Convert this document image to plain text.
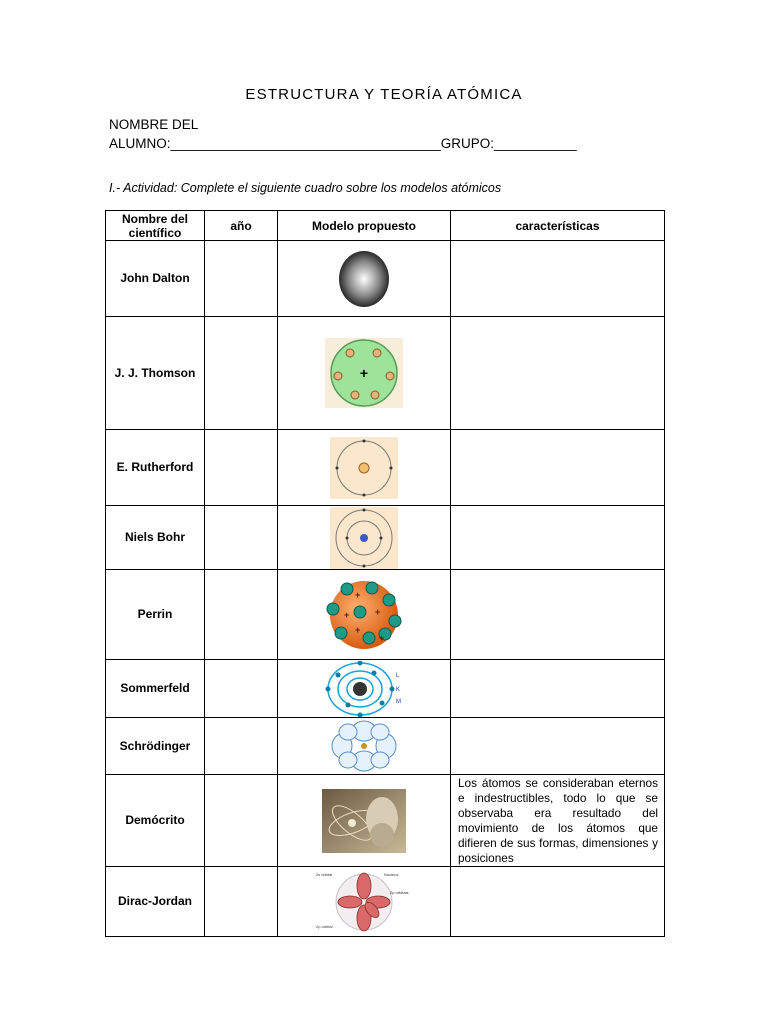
ESTRUCTURA Y TEORÍA ATÓMICA
NOMBRE DEL
ALUMNO:____________________________________GRUPO:___________
I.- Actividad: Complete el siguiente cuadro sobre los modelos atómicos
Nombre del científico	año	Modelo propuesto	características
John Dalton		

J. J. Thomson		+	

E. Rutherford		

Niels Bohr		

Perrin		+
+ +
+
+	

Sommerfeld		L
K
M	

Schrödinger		

Demócrito			Los átomos se consideraban eternos e indestructibles, todo lo que se observaba era resultado del movimiento de los átomos que difieren de sus formas, dimensiones y posiciones
Dirac-Jordan		2s orbital Nucleus
2p orbitals
2p orbital	
